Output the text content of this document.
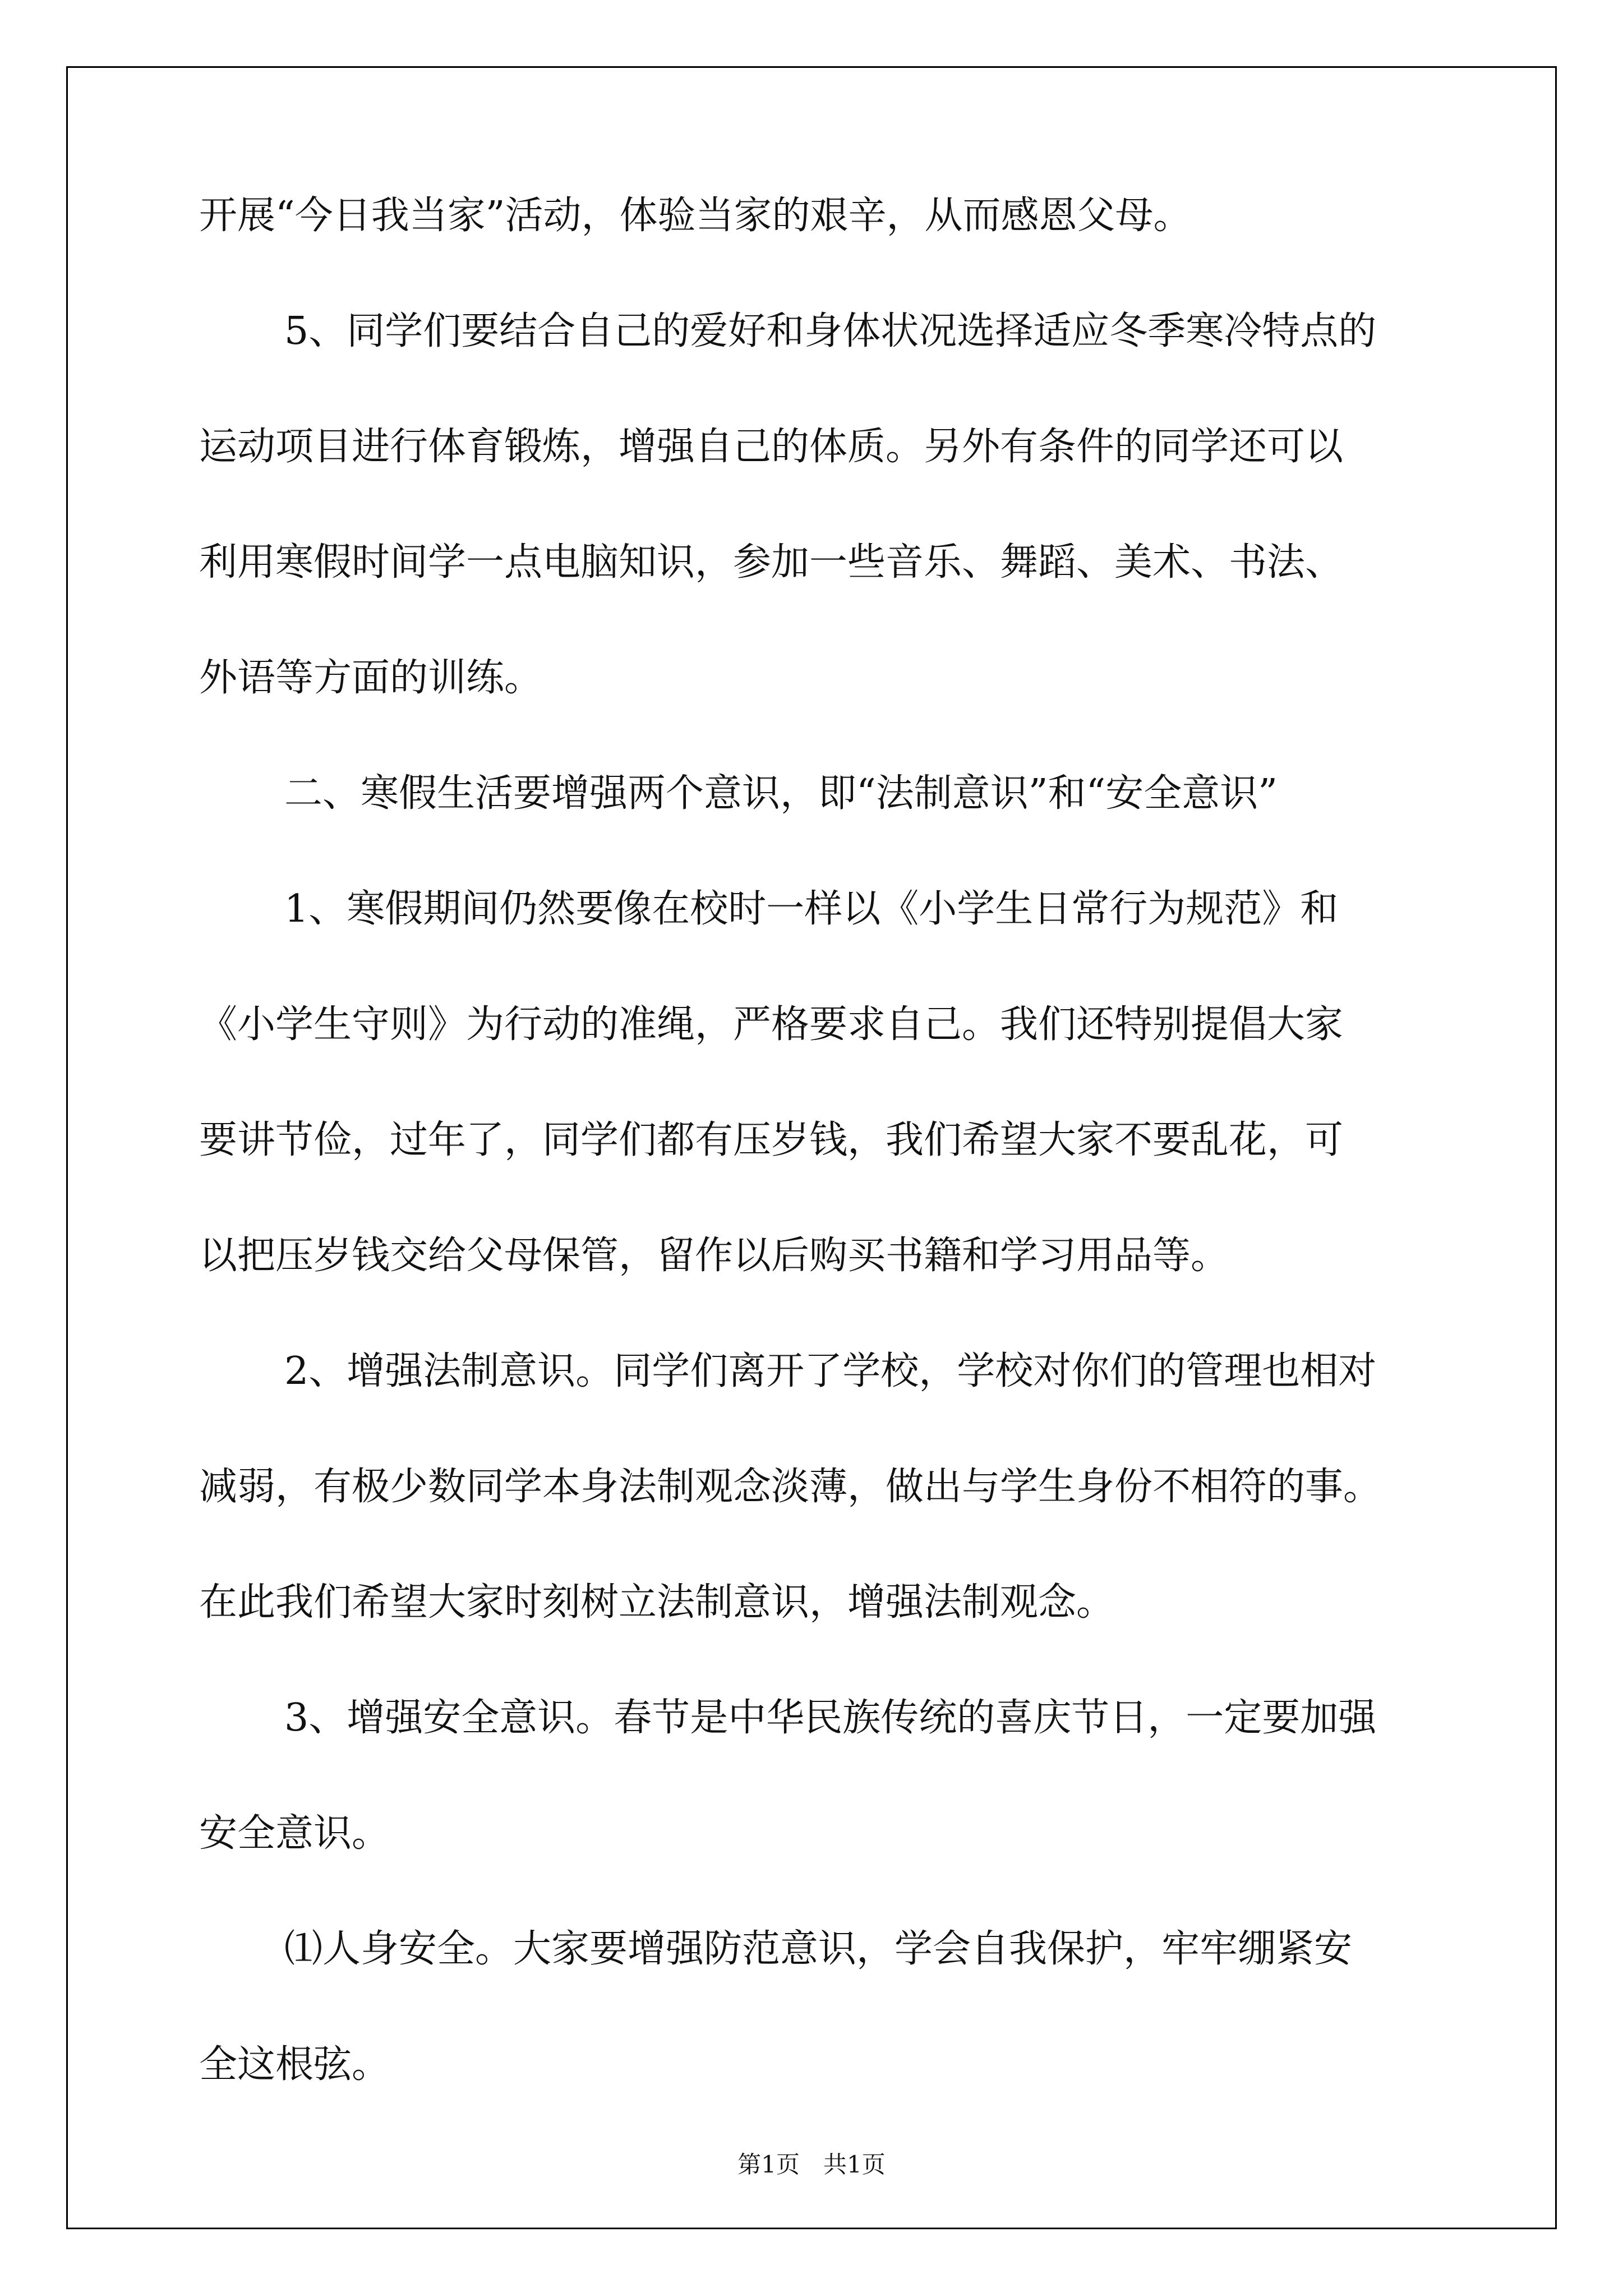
开展“今日我当家”活动，体验当家的艰辛，从而感恩父母。
5、同学们要结合自己的爱好和身体状况选择适应冬季寒冷特点的
运动项目进行体育锻炼，增强自己的体质。另外有条件的同学还可以
利用寒假时间学一点电脑知识，参加一些音乐、舞蹈、美术、书法、
外语等方面的训练。
二、寒假生活要增强两个意识，即“法制意识”和“安全意识”
1、寒假期间仍然要像在校时一样以《小学生日常行为规范》和
《小学生守则》为行动的准绳，严格要求自己。我们还特别提倡大家
要讲节俭，过年了，同学们都有压岁钱，我们希望大家不要乱花，可
以把压岁钱交给父母保管，留作以后购买书籍和学习用品等。
2、增强法制意识。同学们离开了学校，学校对你们的管理也相对
减弱，有极少数同学本身法制观念淡薄，做出与学生身份不相符的事。
在此我们希望大家时刻树立法制意识，增强法制观念。
3、增强安全意识。春节是中华民族传统的喜庆节日，一定要加强
安全意识。
⑴人身安全。大家要增强防范意识，学会自我保护，牢牢绷紧安
全这根弦。
第1页　共1页
